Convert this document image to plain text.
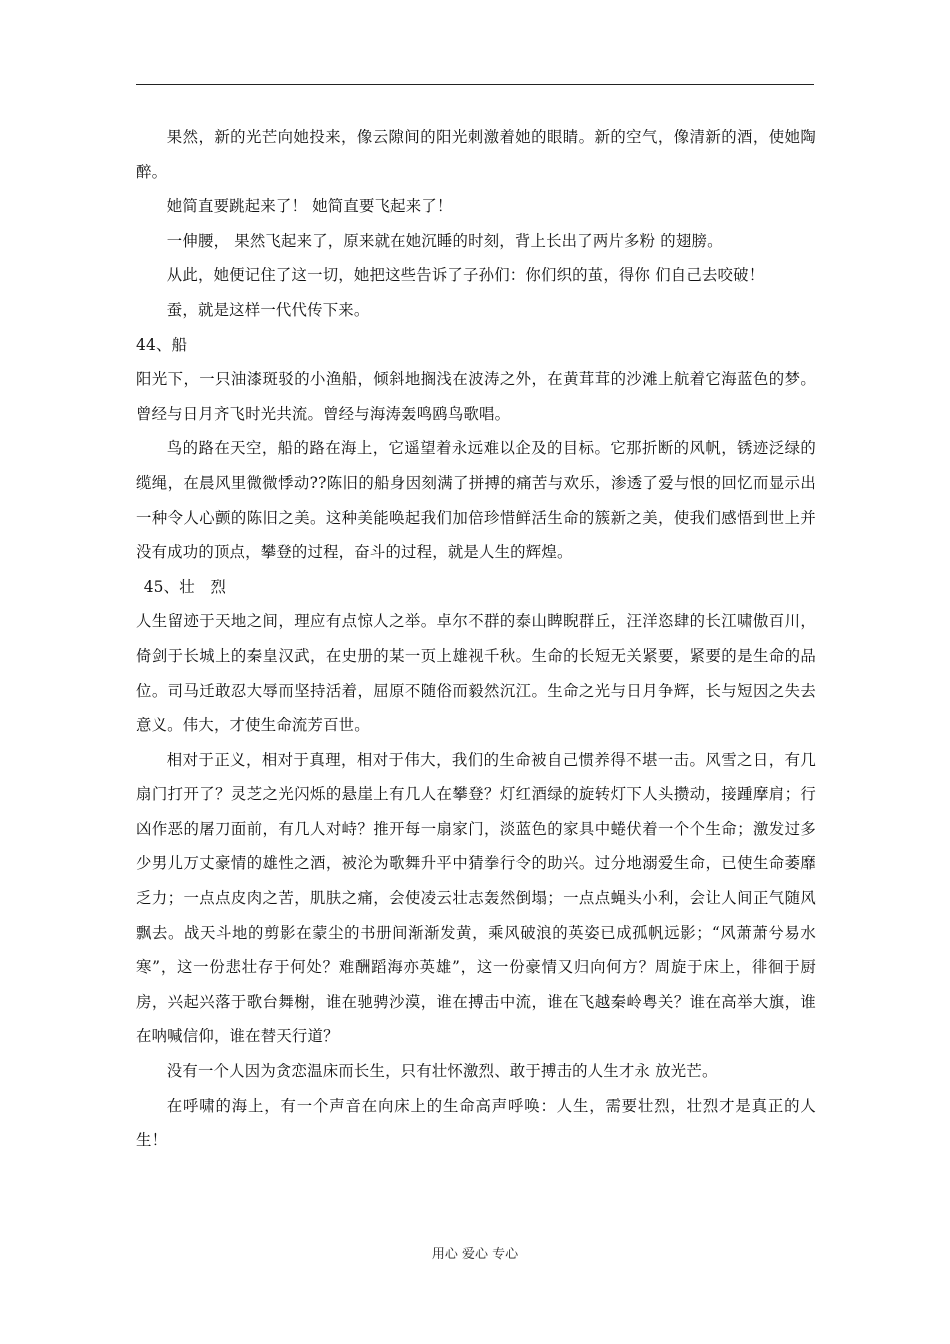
果然，新的光芒向她投来，像云隙间的阳光刺激着她的眼睛。新的空气，像清新的酒，使她陶醉。

她简直要跳起来了！ 她简直要飞起来了！

一伸腰， 果然飞起来了，原来就在她沉睡的时刻，背上长出了两片多粉 的翅膀。

从此，她便记住了这一切，她把这些告诉了子孙们：你们织的茧，得你 们自己去咬破！

蚕，就是这样一代代传下来。

44、船

阳光下，一只油漆斑驳的小渔船，倾斜地搁浅在波涛之外，在黄茸茸的沙滩上航着它海蓝色的梦。曾经与日月齐飞时光共流。曾经与海涛轰鸣鸥鸟歌唱。

鸟的路在天空，船的路在海上，它遥望着永远难以企及的目标。它那折断的风帆，锈迹泛绿的缆绳，在晨风里微微悸动??陈旧的船身因刻满了拼搏的痛苦与欢乐，渗透了爱与恨的回忆而显示出一种令人心颤的陈旧之美。这种美能唤起我们加倍珍惜鲜活生命的簇新之美，使我们感悟到世上并没有成功的顶点，攀登的过程，奋斗的过程，就是人生的辉煌。

45、壮　烈

人生留迹于天地之间，理应有点惊人之举。卓尔不群的泰山睥睨群丘，汪洋恣肆的长江啸傲百川，倚剑于长城上的秦皇汉武，在史册的某一页上雄视千秋。生命的长短无关紧要，紧要的是生命的品位。司马迁敢忍大辱而坚持活着，屈原不随俗而毅然沉江。生命之光与日月争辉，长与短因之失去意义。伟大，才使生命流芳百世。

相对于正义，相对于真理，相对于伟大，我们的生命被自己惯养得不堪一击。风雪之日，有几扇门打开了？灵芝之光闪烁的悬崖上有几人在攀登？灯红酒绿的旋转灯下人头攒动，接踵摩肩；行凶作恶的屠刀面前，有几人对峙？推开每一扇家门，淡蓝色的家具中蜷伏着一个个生命；激发过多少男儿万丈豪情的雄性之酒，被沦为歌舞升平中猜拳行令的助兴。过分地溺爱生命，已使生命萎靡乏力；一点点皮肉之苦，肌肤之痛，会使凌云壮志轰然倒塌；一点点蝇头小利，会让人间正气随风飘去。战天斗地的剪影在蒙尘的书册间渐渐发黄，乘风破浪的英姿已成孤帆远影；“风萧萧兮易水寒”，这一份悲壮存于何处？难酬蹈海亦英雄”，这一份豪情又归向何方？周旋于床上，徘徊于厨房，兴起兴落于歌台舞榭，谁在驰骋沙漠，谁在搏击中流，谁在飞越秦岭粤关？谁在高举大旗，谁在呐喊信仰，谁在替天行道？

没有一个人因为贪恋温床而长生，只有壮怀激烈、敢于搏击的人生才永 放光芒。

在呼啸的海上，有一个声音在向床上的生命高声呼唤：人生，需要壮烈，壮烈才是真正的人生！

用心 爱心 专心
